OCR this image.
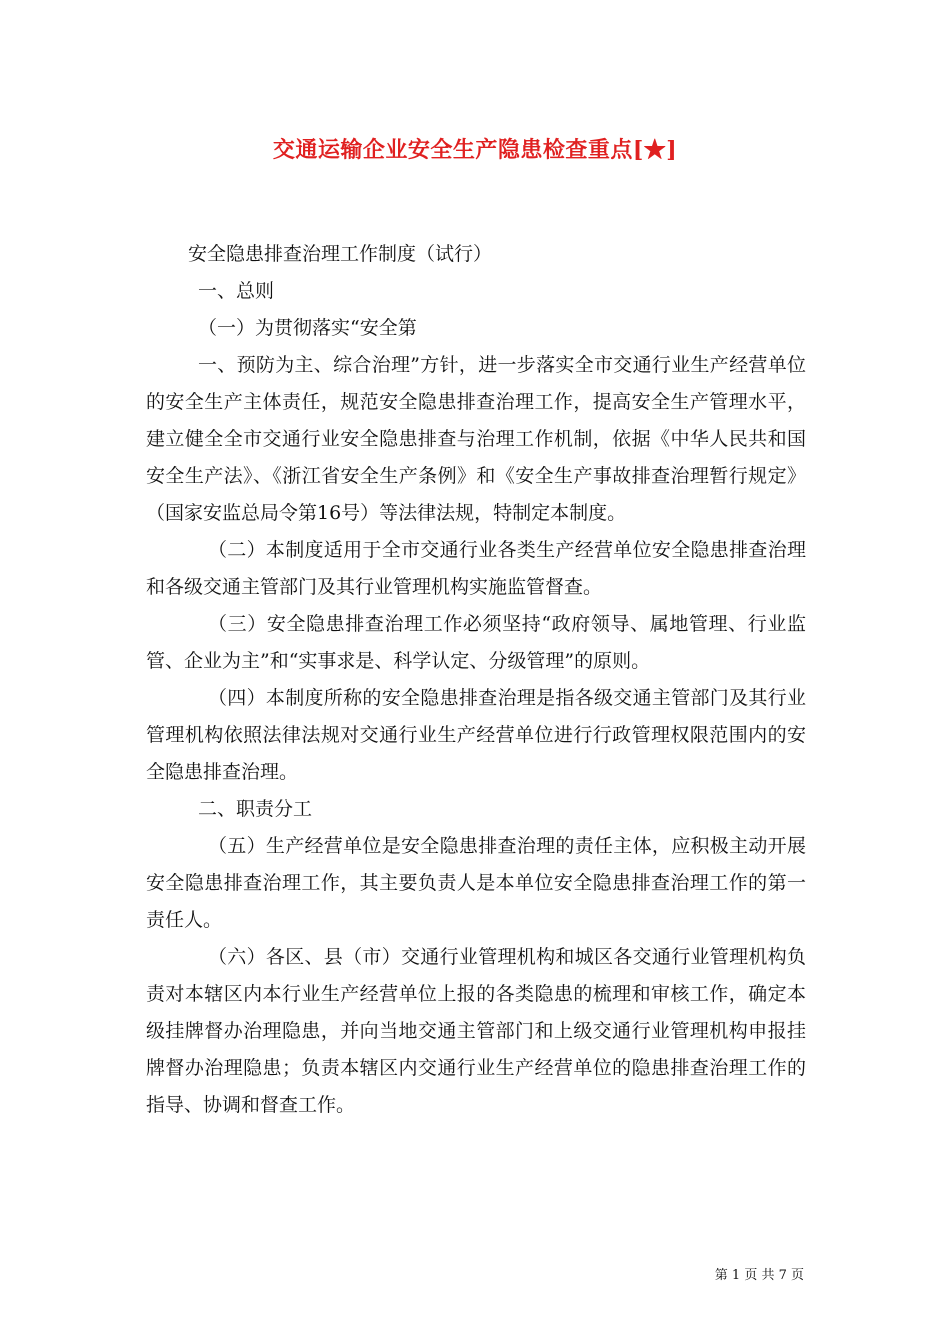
交通运输企业安全生产隐患检查重点[★]

安全隐患排查治理工作制度（试行）

一、总则

（一）为贯彻落实“安全第

一、预防为主、综合治理”方针，进一步落实全市交通行业生产经营单位的安全生产主体责任，规范安全隐患排查治理工作，提高安全生产管理水平，建立健全全市交通行业安全隐患排查与治理工作机制，依据《中华人民共和国安全生产法》、《浙江省安全生产条例》和《安全生产事故排查治理暂行规定》（国家安监总局令第16号）等法律法规，特制定本制度。

（二）本制度适用于全市交通行业各类生产经营单位安全隐患排查治理和各级交通主管部门及其行业管理机构实施监管督查。

（三）安全隐患排查治理工作必须坚持“政府领导、属地管理、行业监管、企业为主”和“实事求是、科学认定、分级管理”的原则。

（四）本制度所称的安全隐患排查治理是指各级交通主管部门及其行业管理机构依照法律法规对交通行业生产经营单位进行行政管理权限范围内的安全隐患排查治理。

二、职责分工

（五）生产经营单位是安全隐患排查治理的责任主体，应积极主动开展安全隐患排查治理工作，其主要负责人是本单位安全隐患排查治理工作的第一责任人。

（六）各区、县（市）交通行业管理机构和城区各交通行业管理机构负责对本辖区内本行业生产经营单位上报的各类隐患的梳理和审核工作，确定本级挂牌督办治理隐患，并向当地交通主管部门和上级交通行业管理机构申报挂牌督办治理隐患；负责本辖区内交通行业生产经营单位的隐患排查治理工作的指导、协调和督查工作。

第 1 页 共 7 页
